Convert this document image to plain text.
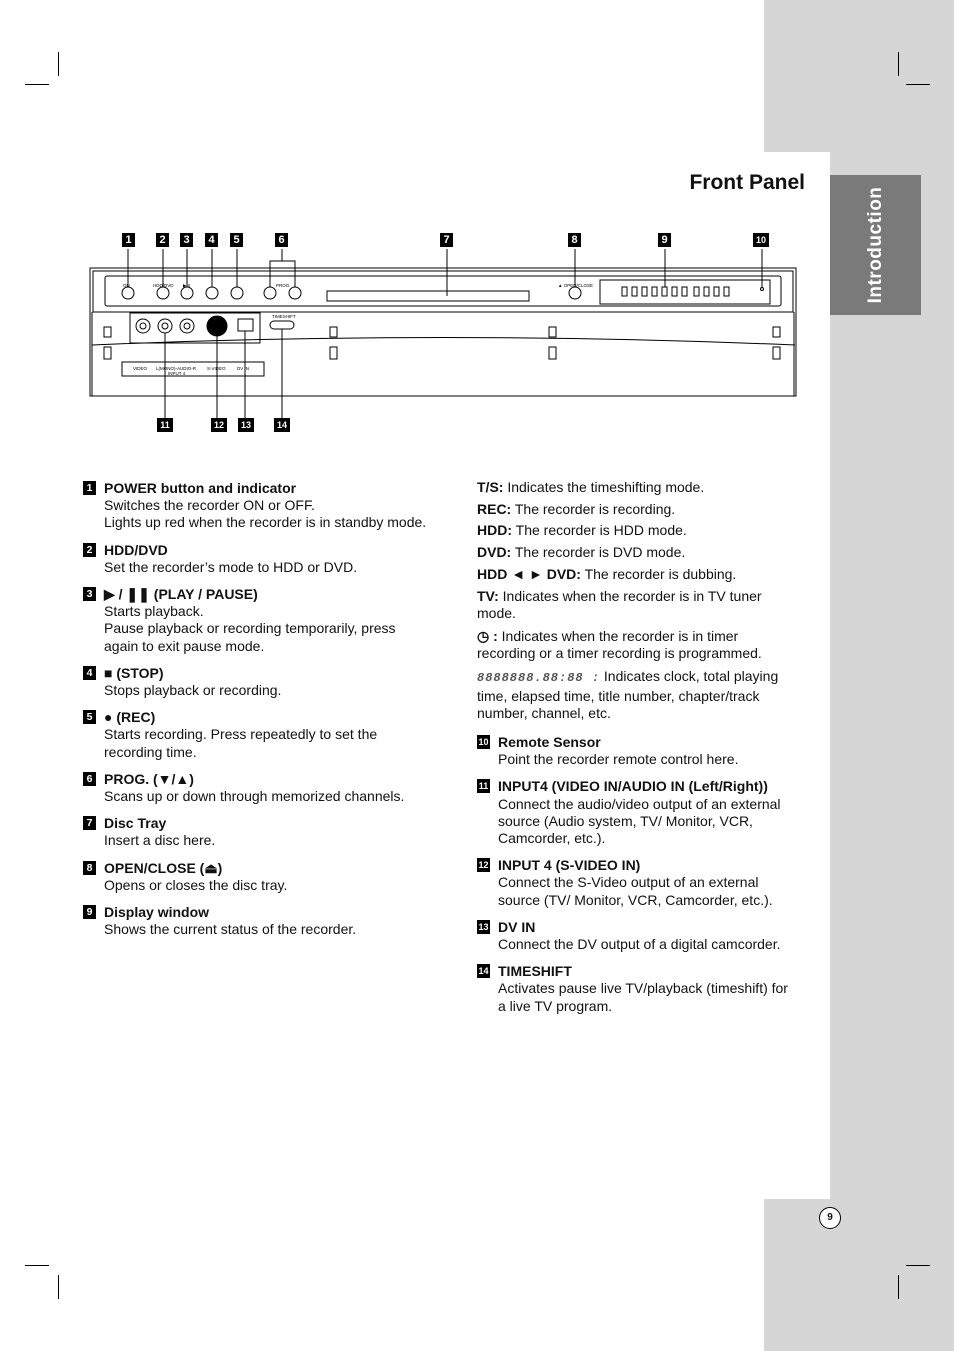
Introduction
Front Panel
ON	HDD/DVD ▶/II	PROG.	▲ OPEN/CLOSE
TIMESHIFT
VIDEO L(MONO)-AUDIO-R S-VIDEO	DV IN
INPUT 4
1	2	3	4	5	6	7	8	9	10
11	12	13	14
1 POWER button and indicator
Switches the recorder ON or OFF.
Lights up red when the recorder is in standby mode.
2 HDD/DVD
Set the recorder’s mode to HDD or DVD.
3 ▶ / ❚❚ (PLAY / PAUSE)
Starts playback.
Pause playback or recording temporarily, press again to exit pause mode.
4 ■ (STOP)
Stops playback or recording.
5 ● (REC)
Starts recording. Press repeatedly to set the recording time.
6 PROG. (▼/▲)
Scans up or down through memorized channels.
7 Disc Tray
Insert a disc here.
8 OPEN/CLOSE (⏏)
Opens or closes the disc tray.
9 Display window
Shows the current status of the recorder.
T/S: Indicates the timeshifting mode.
REC: The recorder is recording.
HDD: The recorder is HDD mode.
DVD: The recorder is DVD mode.
HDD ◄ ► DVD: The recorder is dubbing.
TV: Indicates when the recorder is in TV tuner mode.
◷ : Indicates when the recorder is in timer recording or a timer recording is programmed.
8888888.88:88 : Indicates clock, total playing time, elapsed time, title number, chapter/track number, channel, etc.
10 Remote Sensor
Point the recorder remote control here.
11 INPUT4 (VIDEO IN/AUDIO IN (Left/Right))
Connect the audio/video output of an external source (Audio system, TV/ Monitor, VCR, Camcorder, etc.).
12 INPUT 4 (S-VIDEO IN)
Connect the S-Video output of an external source (TV/ Monitor, VCR, Camcorder, etc.).
13 DV IN
Connect the DV output of a digital camcorder.
14 TIMESHIFT
Activates pause live TV/playback (timeshift) for a live TV program.
9
